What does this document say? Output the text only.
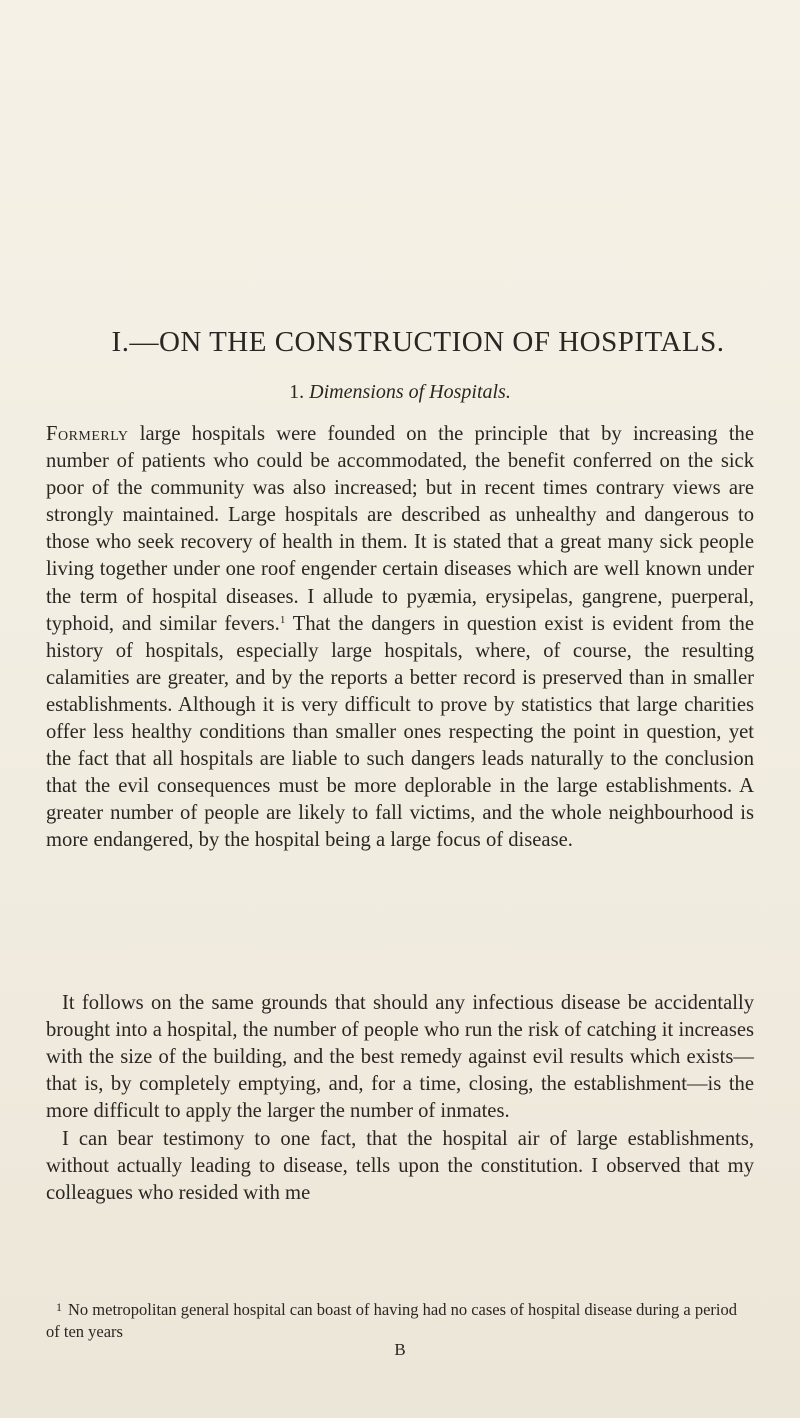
I.—ON THE CONSTRUCTION OF HOSPITALS.
1. Dimensions of Hospitals.

Formerly large hospitals were founded on the principle that by increasing the number of patients who could be accommodated, the benefit conferred on the sick poor of the community was also increased; but in recent times contrary views are strongly maintained. Large hospitals are described as unhealthy and dangerous to those who seek recovery of health in them. It is stated that a great many sick people living together under one roof engender certain diseases which are well known under the term of hospital diseases. I allude to pyæmia, erysipelas, gangrene, puerperal, typhoid, and similar fevers.$^1$ That the dangers in question exist is evident from the history of hospitals, especially large hospitals, where, of course, the resulting calamities are greater, and by the reports a better record is preserved than in smaller establishments. Although it is very difficult to prove by statistics that large charities offer less healthy conditions than smaller ones respecting the point in question, yet the fact that all hospitals are liable to such dangers leads naturally to the conclusion that the evil consequences must be more deplorable in the large establishments. A greater number of people are likely to fall victims, and the whole neighbourhood is more endangered, by the hospital being a large focus of disease.

It follows on the same grounds that should any infectious disease be accidentally brought into a hospital, the number of people who run the risk of catching it increases with the size of the building, and the best remedy against evil results which exists—that is, by completely emptying, and, for a time, closing, the establishment—is the more difficult to apply the larger the number of inmates.

I can bear testimony to one fact, that the hospital air of large establishments, without actually leading to disease, tells upon the constitution. I observed that my colleagues who resided with me

$^1$ No metropolitan general hospital can boast of having had no cases of hospital disease during a period of ten years

B
